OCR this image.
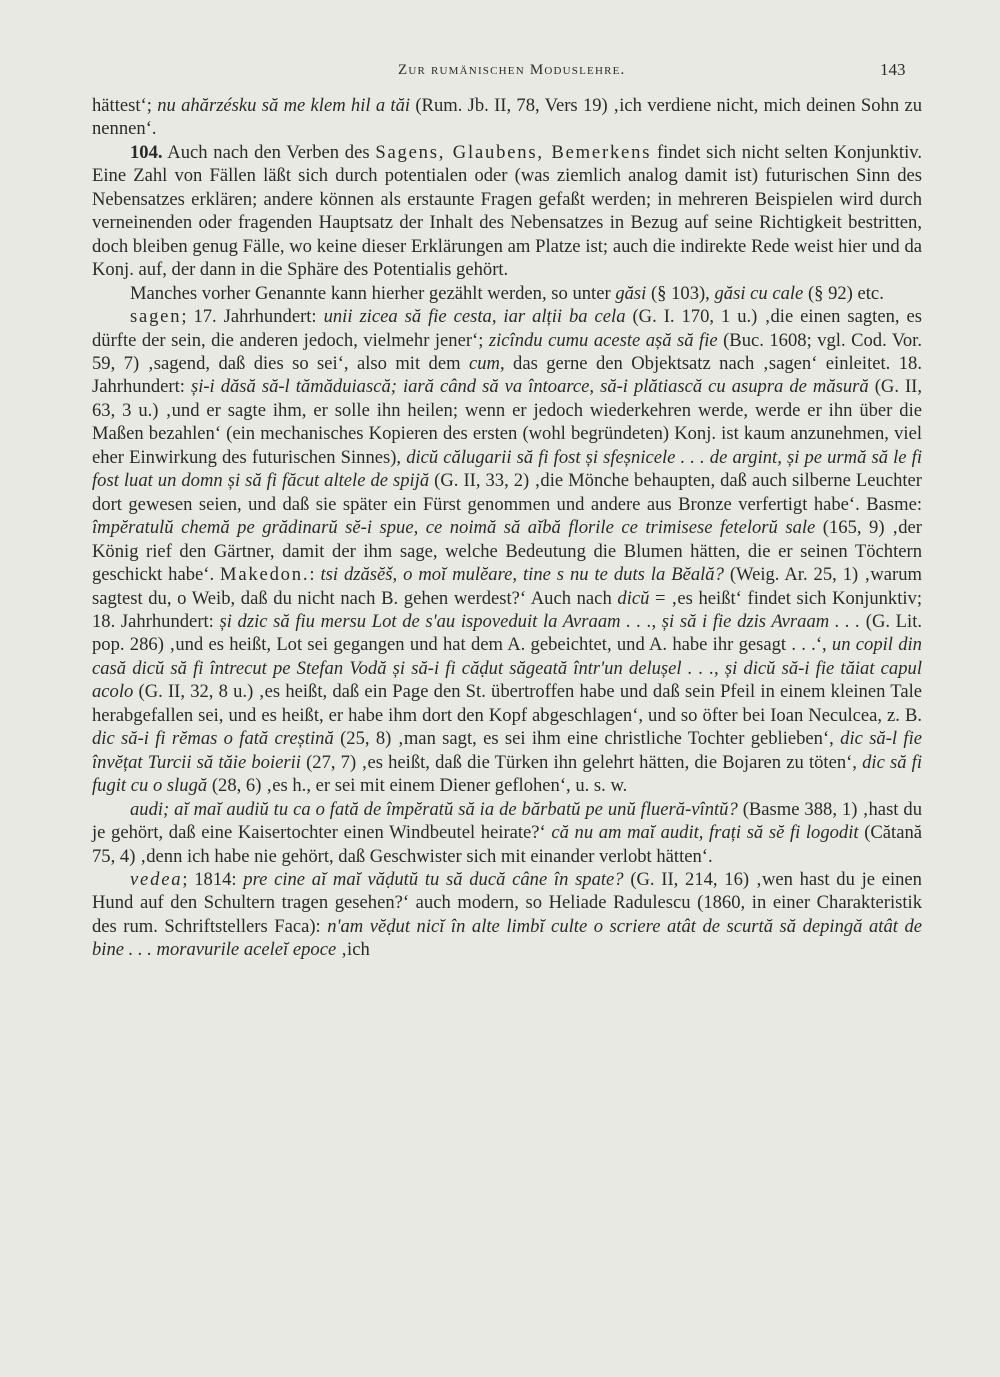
Zur rumänischen Moduslehre.	143

hättest‘; nu ahărzésku să me klem hil a tăi (Rum. Jb. II, 78, Vers 19) ‚ich verdiene nicht, mich deinen Sohn zu nennen‘.

104. Auch nach den Verben des Sagens, Glaubens, Bemerkens findet sich nicht selten Konjunktiv. Eine Zahl von Fällen läßt sich durch potentialen oder (was ziemlich analog damit ist) futurischen Sinn des Nebensatzes erklären; andere können als erstaunte Fragen gefaßt werden; in mehreren Beispielen wird durch verneinenden oder fragenden Hauptsatz der Inhalt des Nebensatzes in Bezug auf seine Richtigkeit bestritten, doch bleiben genug Fälle, wo keine dieser Erklärungen am Platze ist; auch die indirekte Rede weist hier und da Konj. auf, der dann in die Sphäre des Potentialis gehört.

Manches vorher Genannte kann hierher gezählt werden, so unter găsi (§ 103), găsi cu cale (§ 92) etc.

sagen; 17. Jahrhundert: unii zicea să fie cesta, iar alții ba cela (G. I. 170, 1 u.) ‚die einen sagten, es dürfte der sein, die anderen jedoch, vielmehr jener‘; zicîndu cumu aceste așă să fie (Buc. 1608; vgl. Cod. Vor. 59, 7) ‚sagend, daß dies so sei‘, also mit dem cum, das gerne den Objektsatz nach ‚sagen‘ einleitet. 18. Jahrhundert: și-i dăsă să-l tămăduiască; iară când să va întoarce, să-i plătiască cu asupra de măsură (G. II, 63, 3 u.) ‚und er sagte ihm, er solle ihn heilen; wenn er jedoch wiederkehren werde, werde er ihn über die Maßen bezahlen‘ (ein mechanisches Kopieren des ersten (wohl begründeten) Konj. ist kaum anzunehmen, viel eher Einwirkung des futurischen Sinnes), dicŭ călugarii să fi fost și sfeșnicele . . . de argint, și pe urmă să le fi fost luat un domn și să fi făcut altele de spijă (G. II, 33, 2) ‚die Mönche behaupten, daß auch silberne Leuchter dort gewesen seien, und daß sie später ein Fürst genommen und andere aus Bronze verfertigt habe‘. Basme: împĕratulŭ chemă pe grădinarŭ sĕ-i spue, ce noimă să aĭbă florile ce trimisese fetelorŭ sale (165, 9) ‚der König rief den Gärtner, damit der ihm sage, welche Bedeutung die Blumen hätten, die er seinen Töchtern geschickt habe‘. Makedon.: tsi dzăsĕš, o moĭ mulĕare, tine s nu te duts la Bĕală? (Weig. Ar. 25, 1) ‚warum sagtest du, o Weib, daß du nicht nach B. gehen werdest?‘ Auch nach dicŭ = ‚es heißt‘ findet sich Konjunktiv; 18. Jahrhundert: și dzic să fiu mersu Lot de s'au ispoveduit la Avraam . . ., și să i fie dzis Avraam . . . (G. Lit. pop. 286) ‚und es heißt, Lot sei gegangen und hat dem A. gebeichtet, und A. habe ihr gesagt . . .‘, un copil din casă dicŭ să fi întrecut pe Stefan Vodă și să-i fi căḍut săgeată într'un delușel . . ., și dicŭ să-i fie tăiat capul acolo (G. II, 32, 8 u.) ‚es heißt, daß ein Page den St. übertroffen habe und daß sein Pfeil in einem kleinen Tale herabgefallen sei, und es heißt, er habe ihm dort den Kopf abgeschlagen‘, und so öfter bei Ioan Neculcea, z. B. dic să-i fi rĕmas o fată creștină (25, 8) ‚man sagt, es sei ihm eine christliche Tochter geblieben‘, dic să-l fie învĕțat Turcii să tăie boierii (27, 7) ‚es heißt, daß die Türken ihn gelehrt hätten, die Bojaren zu töten‘, dic să fi fugit cu o slugă (28, 6) ‚es h., er sei mit einem Diener geflohen‘, u. s. w.

audi; aĭ maĭ audiŭ tu ca o fată de împĕratŭ să ia de bărbatŭ pe unŭ flueră-vîntŭ? (Basme 388, 1) ‚hast du je gehört, daß eine Kaisertochter einen Windbeutel heirate?‘ că nu am maĭ audit, frați să sĕ fi logodit (Cătană 75, 4) ‚denn ich habe nie gehört, daß Geschwister sich mit einander verlobt hätten‘.

vedea; 1814: pre cine aĭ maĭ văḍutŭ tu să ducă câne în spate? (G. II, 214, 16) ‚wen hast du je einen Hund auf den Schultern tragen gesehen?‘ auch modern, so Heliade Radulescu (1860, in einer Charakteristik des rum. Schriftstellers Faca): n'am vĕḍut nicĭ în alte limbĭ culte o scriere atât de scurtă să depingă atât de bine . . . moravurile aceleĭ epoce ‚ich
